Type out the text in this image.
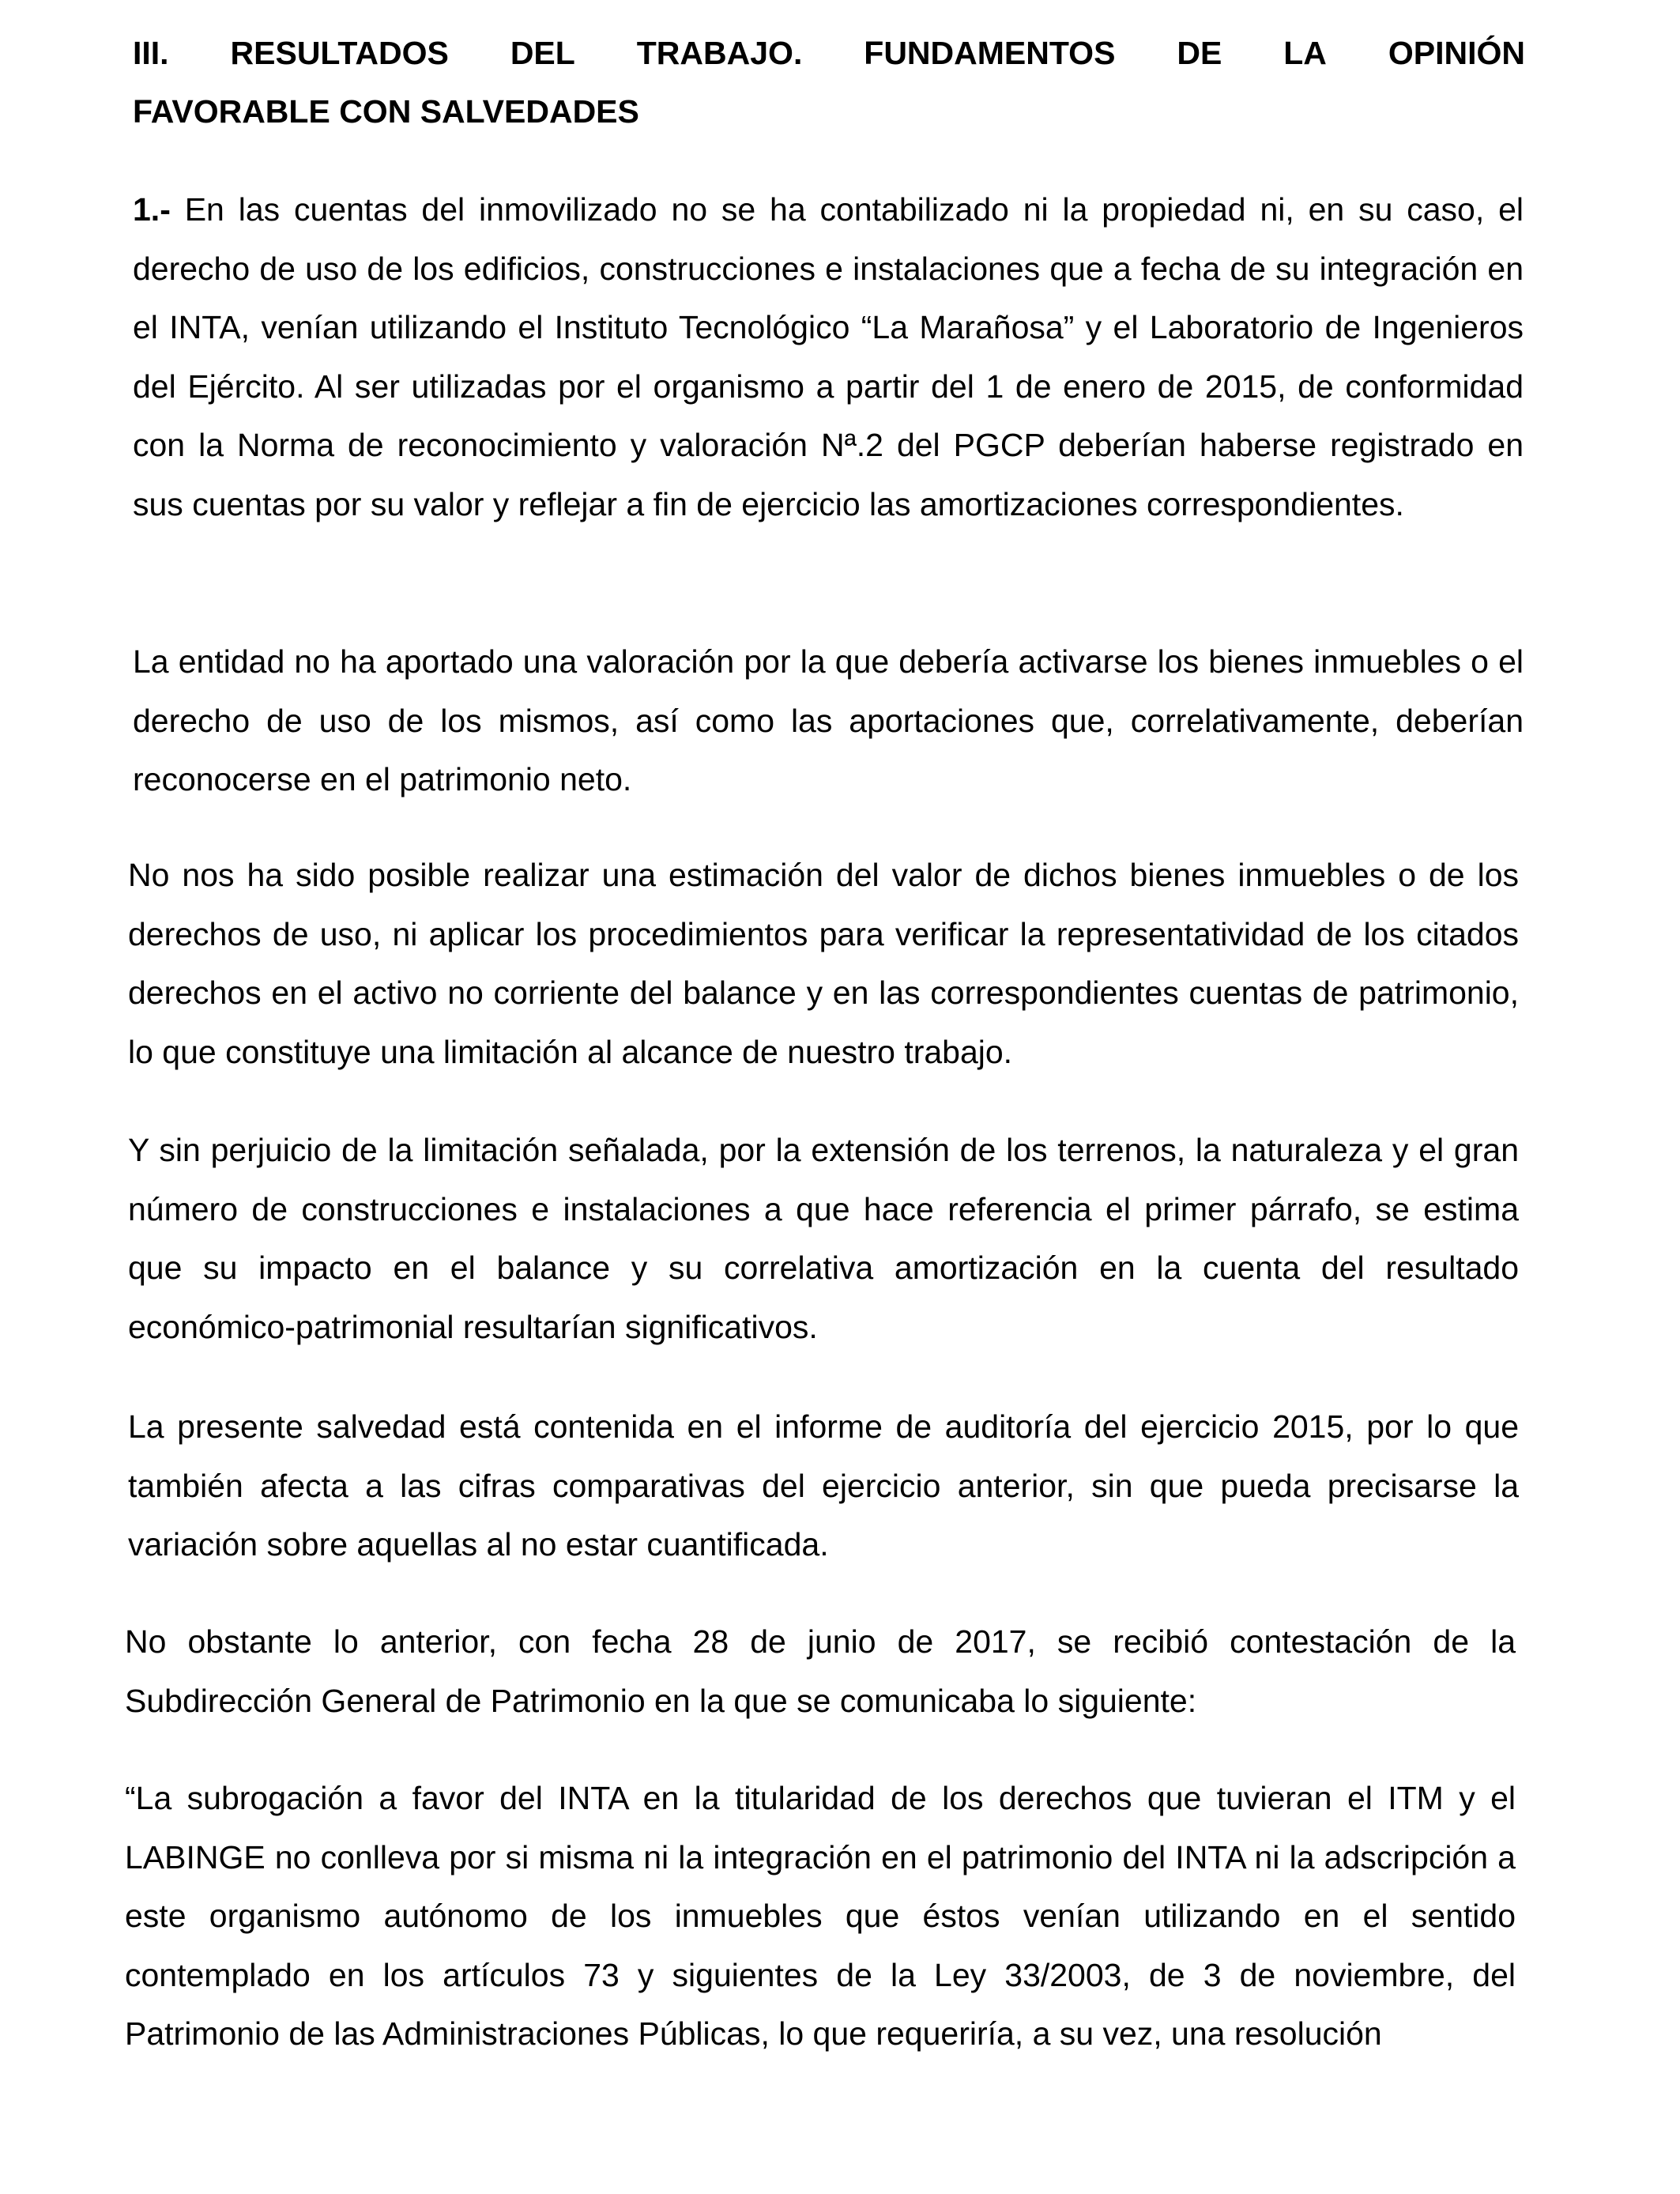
III. RESULTADOS DEL TRABAJO. FUNDAMENTOS DE LA OPINIÓN
FAVORABLE CON SALVEDADES

1.- En las cuentas del inmovilizado no se ha contabilizado ni la propiedad ni, en su caso, el derecho de uso de los edificios, construcciones e instalaciones que a fecha de su integración en el INTA, venían utilizando el Instituto Tecnológico “La Marañosa” y el Laboratorio de Ingenieros del Ejército. Al ser utilizadas por el organismo a partir del 1 de enero de 2015, de conformidad con la Norma de reconocimiento y valoración Nª.2 del PGCP deberían haberse registrado en sus cuentas por su valor y reflejar a fin de ejercicio las amortizaciones correspondientes.

La entidad no ha aportado una valoración por la que debería activarse los bienes inmuebles o el derecho de uso de los mismos, así como las aportaciones que, correlativamente, deberían reconocerse en el patrimonio neto.

No nos ha sido posible realizar una estimación del valor de dichos bienes inmuebles o de los derechos de uso, ni aplicar los procedimientos para verificar la representatividad de los citados derechos en el activo no corriente del balance y en las correspondientes cuentas de patrimonio, lo que constituye una limitación al alcance de nuestro trabajo.

Y sin perjuicio de la limitación señalada, por la extensión de los terrenos, la naturaleza y el gran número de construcciones e instalaciones a que hace referencia el primer párrafo, se estima que su impacto en el balance y su correlativa amortización en la cuenta del resultado económico-patrimonial resultarían significativos.

La presente salvedad está contenida en el informe de auditoría del ejercicio 2015, por lo que también afecta a las cifras comparativas del ejercicio anterior, sin que pueda precisarse la variación sobre aquellas al no estar cuantificada.

No obstante lo anterior, con fecha 28 de junio de 2017, se recibió contestación de la Subdirección General de Patrimonio en la que se comunicaba lo siguiente:

“La subrogación a favor del INTA en la titularidad de los derechos que tuvieran el ITM y el LABINGE no conlleva por si misma ni la integración en el patrimonio del INTA ni la adscripción a este organismo autónomo de los inmuebles que éstos venían utilizando en el sentido contemplado en los artículos 73 y siguientes de la Ley 33/2003, de 3 de noviembre, del Patrimonio de las Administraciones Públicas, lo que requeriría, a su vez, una resolución
